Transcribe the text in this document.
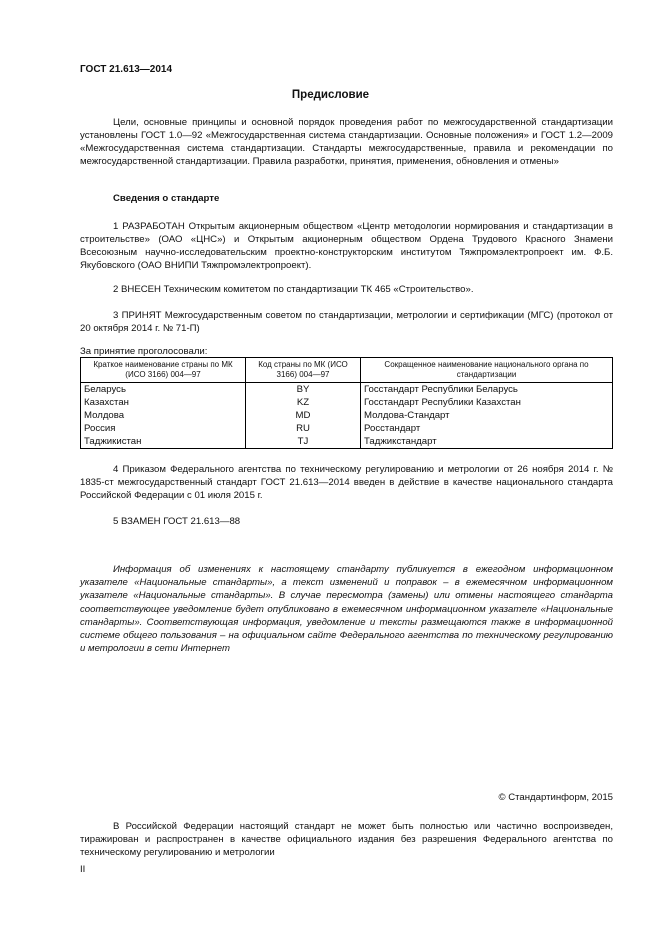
ГОСТ 21.613—2014
Предисловие
Цели, основные принципы и основной порядок проведения работ по межгосударственной стандартизации установлены ГОСТ 1.0—92 «Межгосударственная система стандартизации. Основные положения» и ГОСТ 1.2—2009 «Межгосударственная система стандартизации. Стандарты межгосударственные, правила и рекомендации по межгосударственной стандартизации. Правила разработки, принятия, применения, обновления и отмены»
Сведения о стандарте
1 РАЗРАБОТАН Открытым акционерным обществом «Центр методологии нормирования и стандартизации в строительстве» (ОАО «ЦНС») и Открытым акционерным обществом Ордена Трудового Красного Знамени Всесоюзным научно-исследовательским проектно-конструкторским институтом Тяжпромэлектропроект им. Ф.Б. Якубовского (ОАО ВНИПИ Тяжпромэлектропроект).
2 ВНЕСЕН Техническим комитетом по стандартизации ТК 465 «Строительство».
3 ПРИНЯТ Межгосударственным советом по стандартизации, метрологии и сертификации (МГС) (протокол от 20 октября 2014 г. № 71-П)
За принятие проголосовали:
Краткое наименование страны по МК (ИСО 3166) 004—97	Код страны по МК (ИСО 3166) 004—97	Сокращенное наименование национального органа по стандартизации
Беларусь	BY	Госстандарт Республики Беларусь
Казахстан	KZ	Госстандарт Республики Казахстан
Молдова	MD	Молдова-Стандарт
Россия	RU	Росстандарт
Таджикистан	TJ	Таджикстандарт
4 Приказом Федерального агентства по техническому регулированию и метрологии от 26 ноября 2014 г. № 1835-ст межгосударственный стандарт ГОСТ 21.613—2014 введен в действие в качестве национального стандарта Российской Федерации с 01 июля 2015 г.
5 ВЗАМЕН ГОСТ 21.613—88
Информация об изменениях к настоящему стандарту публикуется в ежегодном информационном указателе «Национальные стандарты», а текст изменений и поправок – в ежемесячном информационном указателе «Национальные стандарты». В случае пересмотра (замены) или отмены настоящего стандарта соответствующее уведомление будет опубликовано в ежемесячном информационном указателе «Национальные стандарты». Соответствующая информация, уведомление и тексты размещаются также в информационной системе общего пользования – на официальном сайте Федерального агентства по техническому регулированию и метрологии в сети Интернет
© Стандартинформ, 2015
В Российской Федерации настоящий стандарт не может быть полностью или частично воспроизведен, тиражирован и распространен в качестве официального издания без разрешения Федерального агентства по техническому регулированию и метрологии
II
